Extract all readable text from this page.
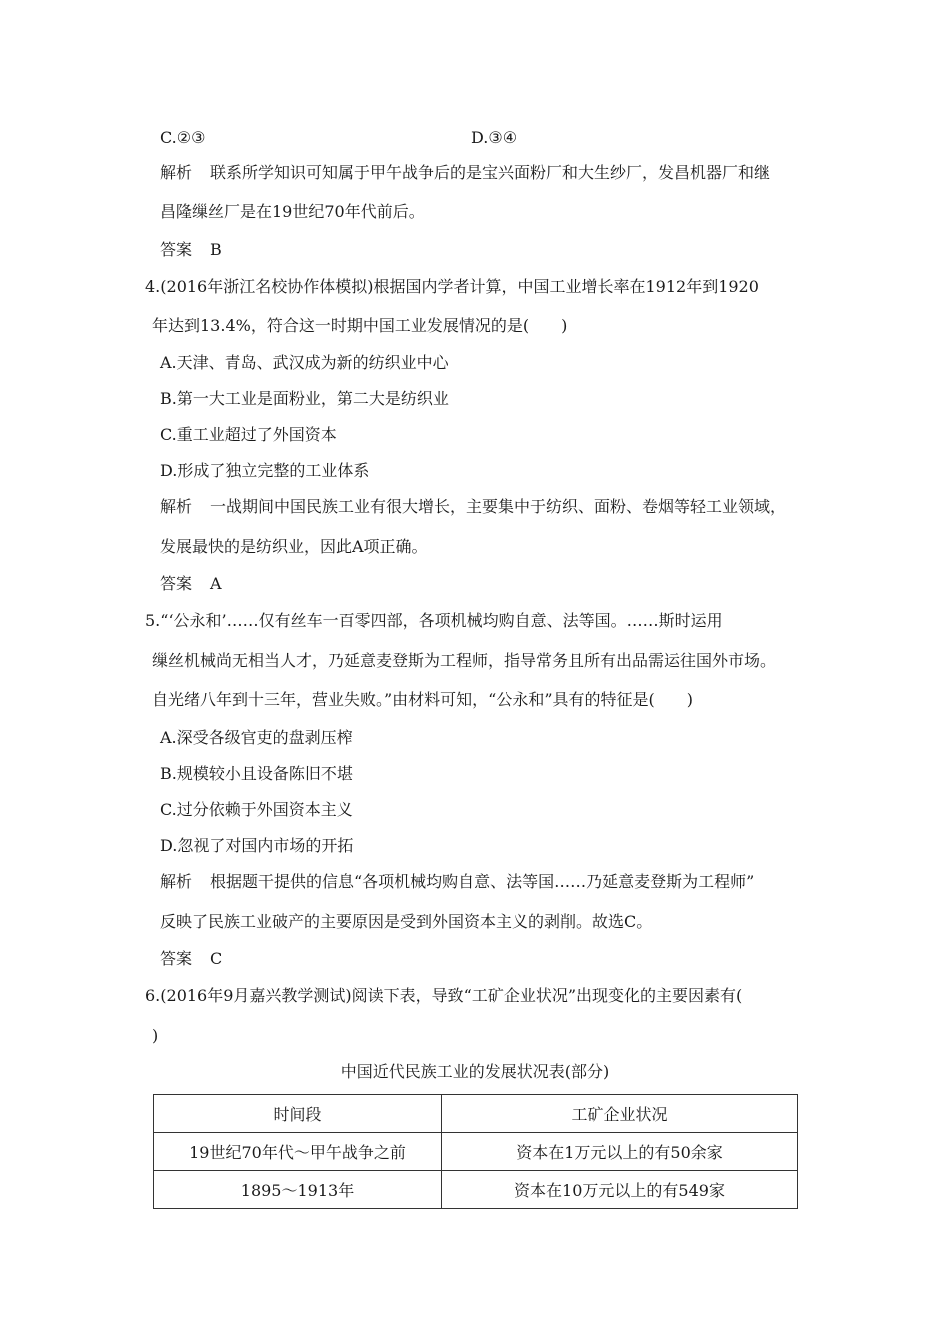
C.②③	D.③④
解析 联系所学知识可知属于甲午战争后的是宝兴面粉厂和大生纱厂，发昌机器厂和继
昌隆缫丝厂是在19世纪70年代前后。
答案 B
4.(2016年浙江名校协作体模拟)根据国内学者计算，中国工业增长率在1912年到1920
年达到13.4%，符合这一时期中国工业发展情况的是(　　)
A.天津、青岛、武汉成为新的纺织业中心
B.第一大工业是面粉业，第二大是纺织业
C.重工业超过了外国资本
D.形成了独立完整的工业体系
解析 一战期间中国民族工业有很大增长，主要集中于纺织、面粉、卷烟等轻工业领域，
发展最快的是纺织业，因此A项正确。
答案 A
5.“‘公永和’……仅有丝车一百零四部，各项机械均购自意、法等国。……斯时运用
缫丝机械尚无相当人才，乃延意麦登斯为工程师，指导常务且所有出品需运往国外市场。
自光绪八年到十三年，营业失败。”由材料可知，“公永和”具有的特征是(　　)
A.深受各级官吏的盘剥压榨
B.规模较小且设备陈旧不堪
C.过分依赖于外国资本主义
D.忽视了对国内市场的开拓
解析 根据题干提供的信息“各项机械均购自意、法等国……乃延意麦登斯为工程师”
反映了民族工业破产的主要原因是受到外国资本主义的剥削。故选C。
答案 C
6.(2016年9月嘉兴教学测试)阅读下表，导致“工矿企业状况”出现变化的主要因素有(
)
中国近代民族工业的发展状况表(部分)
时间段	工矿企业状况
19世纪70年代～甲午战争之前	资本在1万元以上的有50余家
1895～1913年	资本在10万元以上的有549家
